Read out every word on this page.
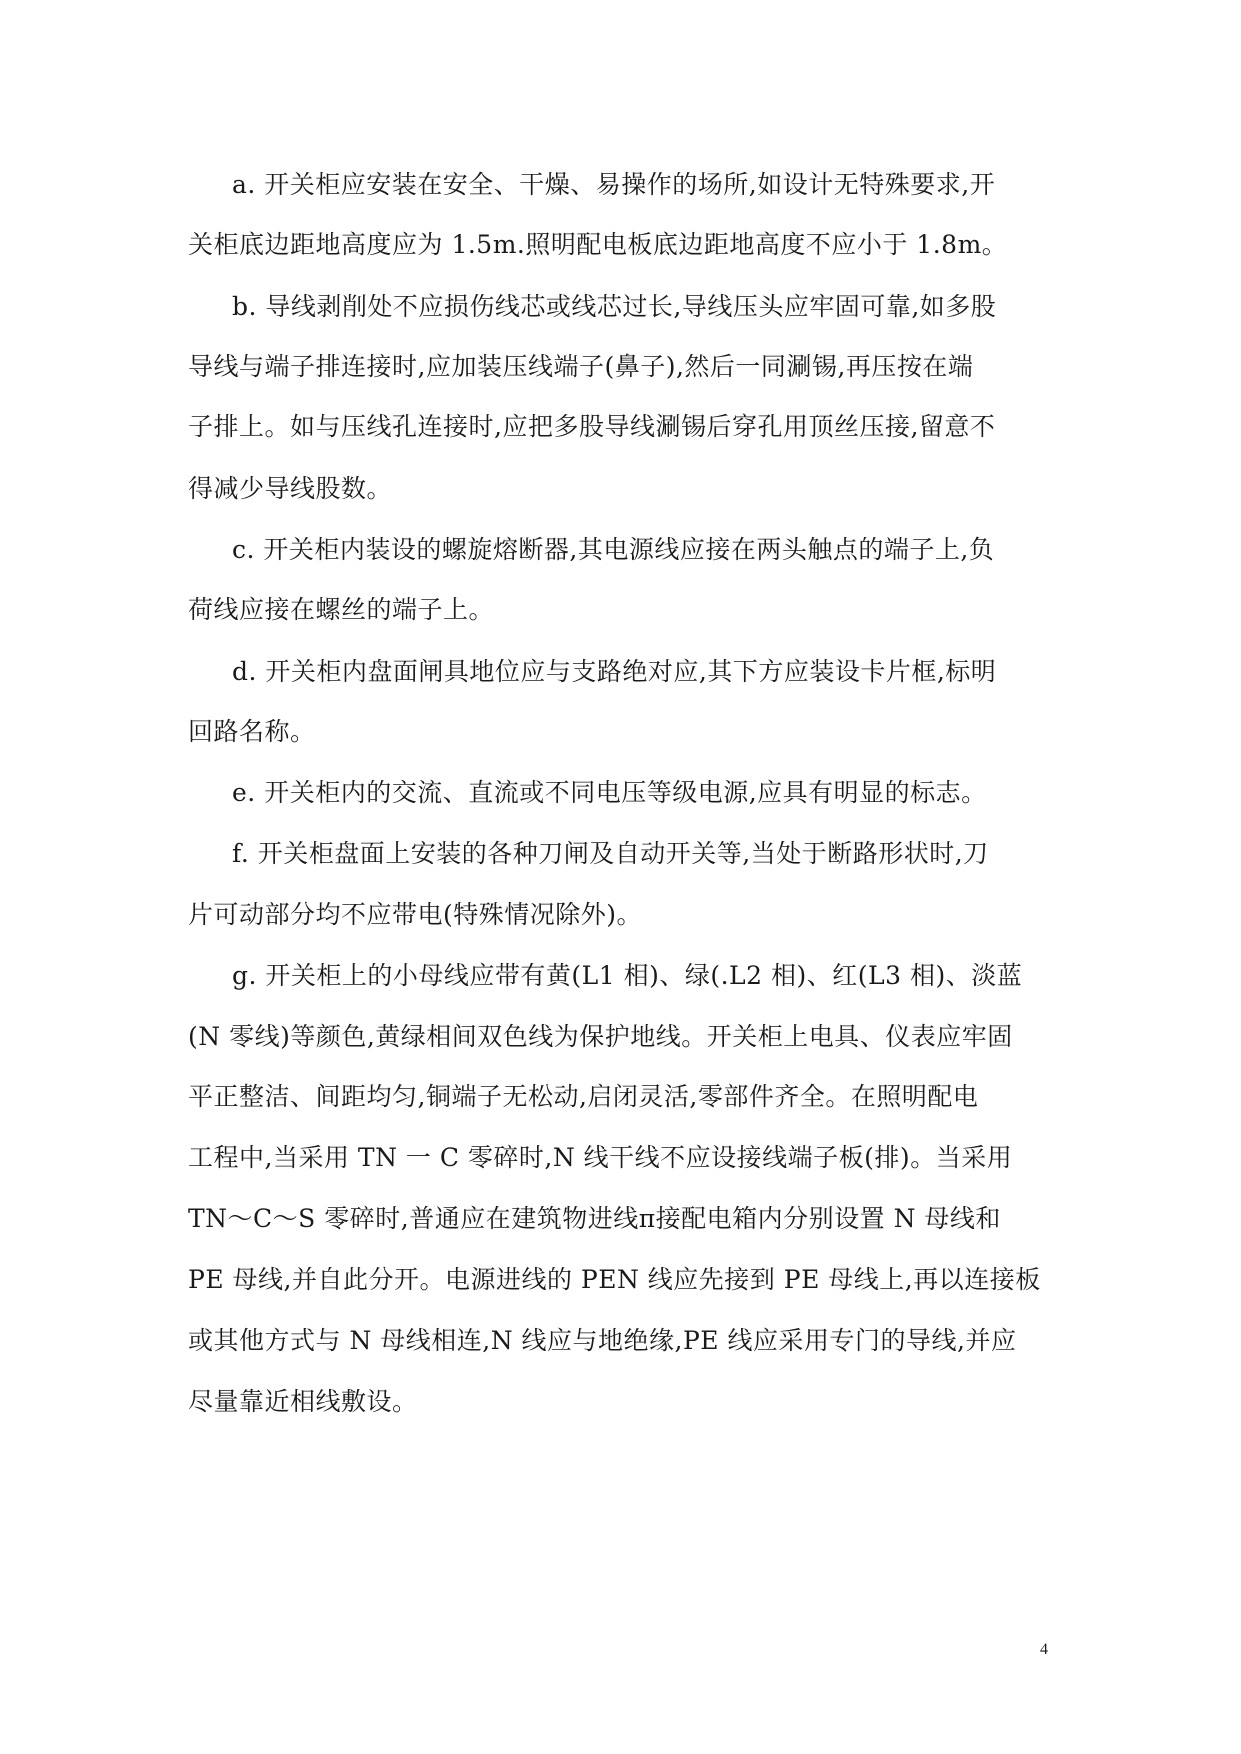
a. 开关柜应安装在安全、干燥、易操作的场所,如设计无特殊要求,开
关柜底边距地高度应为 1.5m.照明配电板底边距地高度不应小于 1.8m。
b. 导线剥削处不应损伤线芯或线芯过长,导线压头应牢固可靠,如多股
导线与端子排连接时,应加装压线端子(鼻子),然后一同涮锡,再压按在端
子排上。如与压线孔连接时,应把多股导线涮锡后穿孔用顶丝压接,留意不
得减少导线股数。
c. 开关柜内装设的螺旋熔断器,其电源线应接在两头触点的端子上,负
荷线应接在螺丝的端子上。
d. 开关柜内盘面闸具地位应与支路绝对应,其下方应装设卡片框,标明
回路名称。
e. 开关柜内的交流、直流或不同电压等级电源,应具有明显的标志。
f. 开关柜盘面上安装的各种刀闸及自动开关等,当处于断路形状时,刀
片可动部分均不应带电(特殊情况除外)。
g. 开关柜上的小母线应带有黄(L1 相)、绿(.L2 相)、红(L3 相)、淡蓝
(N 零线)等颜色,黄绿相间双色线为保护地线。开关柜上电具、仪表应牢固
平正整洁、间距均匀,铜端子无松动,启闭灵活,零部件齐全。在照明配电
工程中,当采用 TN 一 C 零碎时,N 线干线不应设接线端子板(排)。当采用
TN～C～S 零碎时,普通应在建筑物进线π接配电箱内分别设置 N 母线和
PE 母线,并自此分开。电源进线的 PEN 线应先接到 PE 母线上,再以连接板
或其他方式与 N 母线相连,N 线应与地绝缘,PE 线应采用专门的导线,并应
尽量靠近相线敷设。
4
